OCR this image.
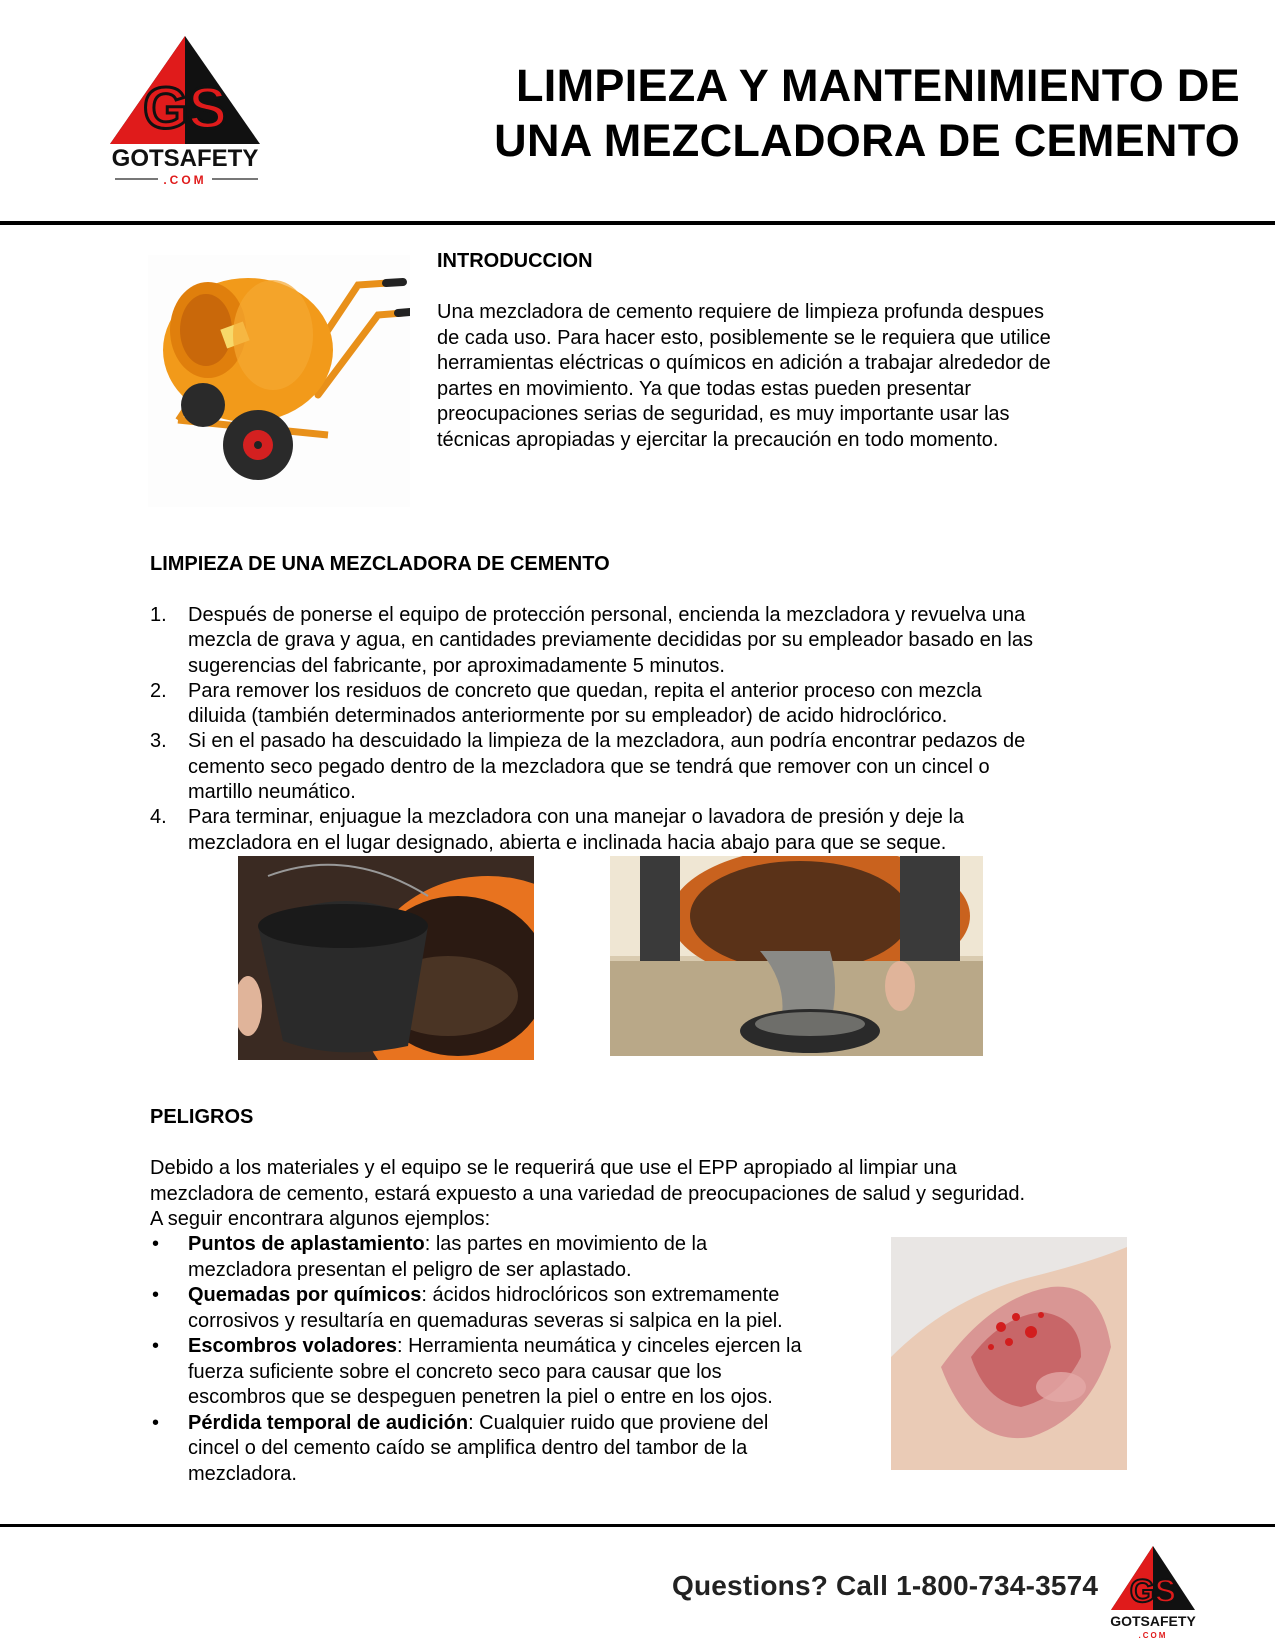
GS
GOTSAFETY
.COM
LIMPIEZA Y MANTENIMIENTO DE
UNA MEZCLADORA DE CEMENTO
INTRODUCCION
Una mezcladora de cemento requiere de limpieza profunda despues
de cada uso. Para hacer esto, posiblemente se le requiera que utilice
herramientas eléctricas o químicos en adición a trabajar alrededor de
partes en movimiento. Ya que todas estas pueden presentar
preocupaciones serias de seguridad, es muy importante usar las
técnicas apropiadas y ejercitar la precaución en todo momento.
LIMPIEZA DE UNA MEZCLADORA DE CEMENTO
1. Después de ponerse el equipo de protección personal, encienda la mezcladora y revuelva una
mezcla de grava y agua, en cantidades previamente decididas por su empleador basado en las
sugerencias del fabricante, por aproximadamente 5 minutos.
2. Para remover los residuos de concreto que quedan, repita el anterior proceso con mezcla
diluida (también determinados anteriormente por su empleador) de acido hidroclórico.
3. Si en el pasado ha descuidado la limpieza de la mezcladora, aun podría encontrar pedazos de
cemento seco pegado dentro de la mezcladora que se tendrá que remover con un cincel o
martillo neumático.
4. Para terminar, enjuague la mezcladora con una manejar o lavadora de presión y deje la
mezcladora en el lugar designado, abierta e inclinada hacia abajo para que se seque.
PELIGROS
Debido a los materiales y el equipo se le requerirá que use el EPP apropiado al limpiar una
mezcladora de cemento, estará expuesto a una variedad de preocupaciones de salud y seguridad.
A seguir encontrara algunos ejemplos:
• Puntos de aplastamiento: las partes en movimiento de la
mezcladora presentan el peligro de ser aplastado.
• Quemadas por químicos: ácidos hidroclóricos son extremamente
corrosivos y resultaría en quemaduras severas si salpica en la piel.
• Escombros voladores: Herramienta neumática y cinceles ejercen la
fuerza suficiente sobre el concreto seco para causar que los
escombros que se despeguen penetren la piel o entre en los ojos.
• Pérdida temporal de audición: Cualquier ruido que proviene del
cincel o del cemento caído se amplifica dentro del tambor de la
mezcladora.
Questions? Call 1-800-734-3574 GS
GOTSAFETY
.COM
